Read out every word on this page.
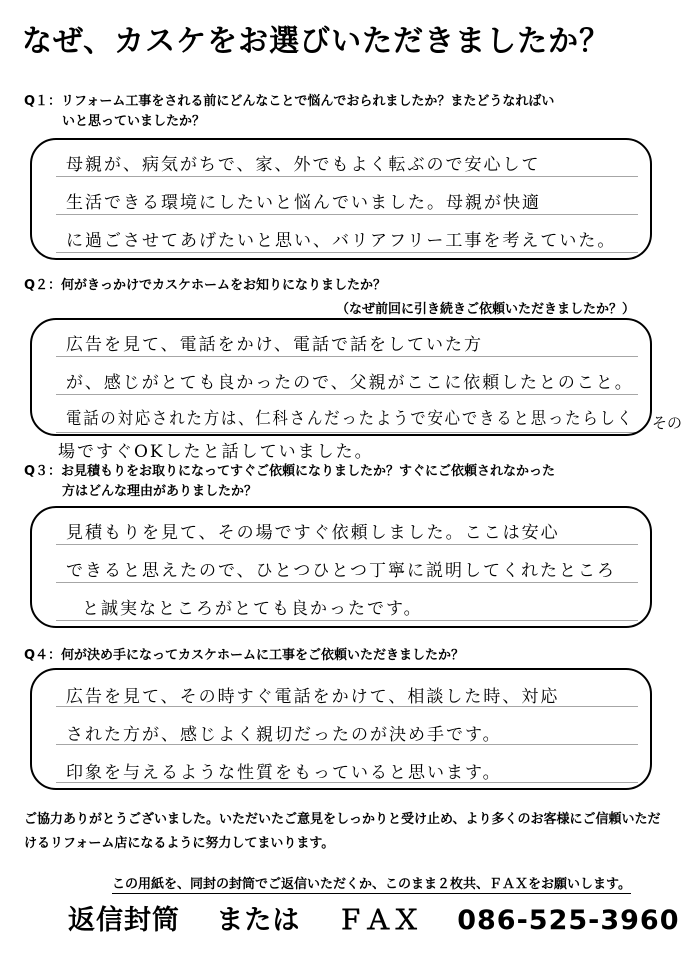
なぜ、カスケをお選びいただきましたか？
Q１：リフォーム工事をされる前にどんなことで悩んでおられましたか？またどうなればい
いと思っていましたか？
母親が、病気がちで、家、外でもよく転ぶので安心して
生活できる環境にしたいと悩んでいました。母親が快適
に過ごさせてあげたいと思い、バリアフリー工事を考えていた。
Q２：何がきっかけでカスケホームをお知りになりましたか？
（なぜ前回に引き続きご依頼いただきましたか？）
広告を見て、電話をかけ、電話で話をしていた方
が、感じがとても良かったので、父親がここに依頼したとのこと。
電話の対応された方は、仁科さんだったようで安心できると思ったらしく その
場ですぐOKしたと話していました。
Q３：お見積もりをお取りになってすぐご依頼になりましたか？すぐにご依頼されなかった
方はどんな理由がありましたか？
見積もりを見て、その場ですぐ依頼しました。ここは安心
できると思えたので、ひとつひとつ丁寧に説明してくれたところ
と誠実なところがとても良かったです。
Q４：何が決め手になってカスケホームに工事をご依頼いただきましたか？
広告を見て、その時すぐ電話をかけて、相談した時、対応
された方が、感じよく親切だったのが決め手です。
印象を与えるような性質をもっていると思います。
ご協力ありがとうございました。いただいたご意見をしっかりと受け止め、より多くのお客様にご信頼いただけるリフォーム店になるように努力してまいります。
この用紙を、同封の封筒でご返信いただくか、このまま２枚共、ＦＡＸをお願いします。
返信封筒 または ＦＡＸ 086-525-3960
